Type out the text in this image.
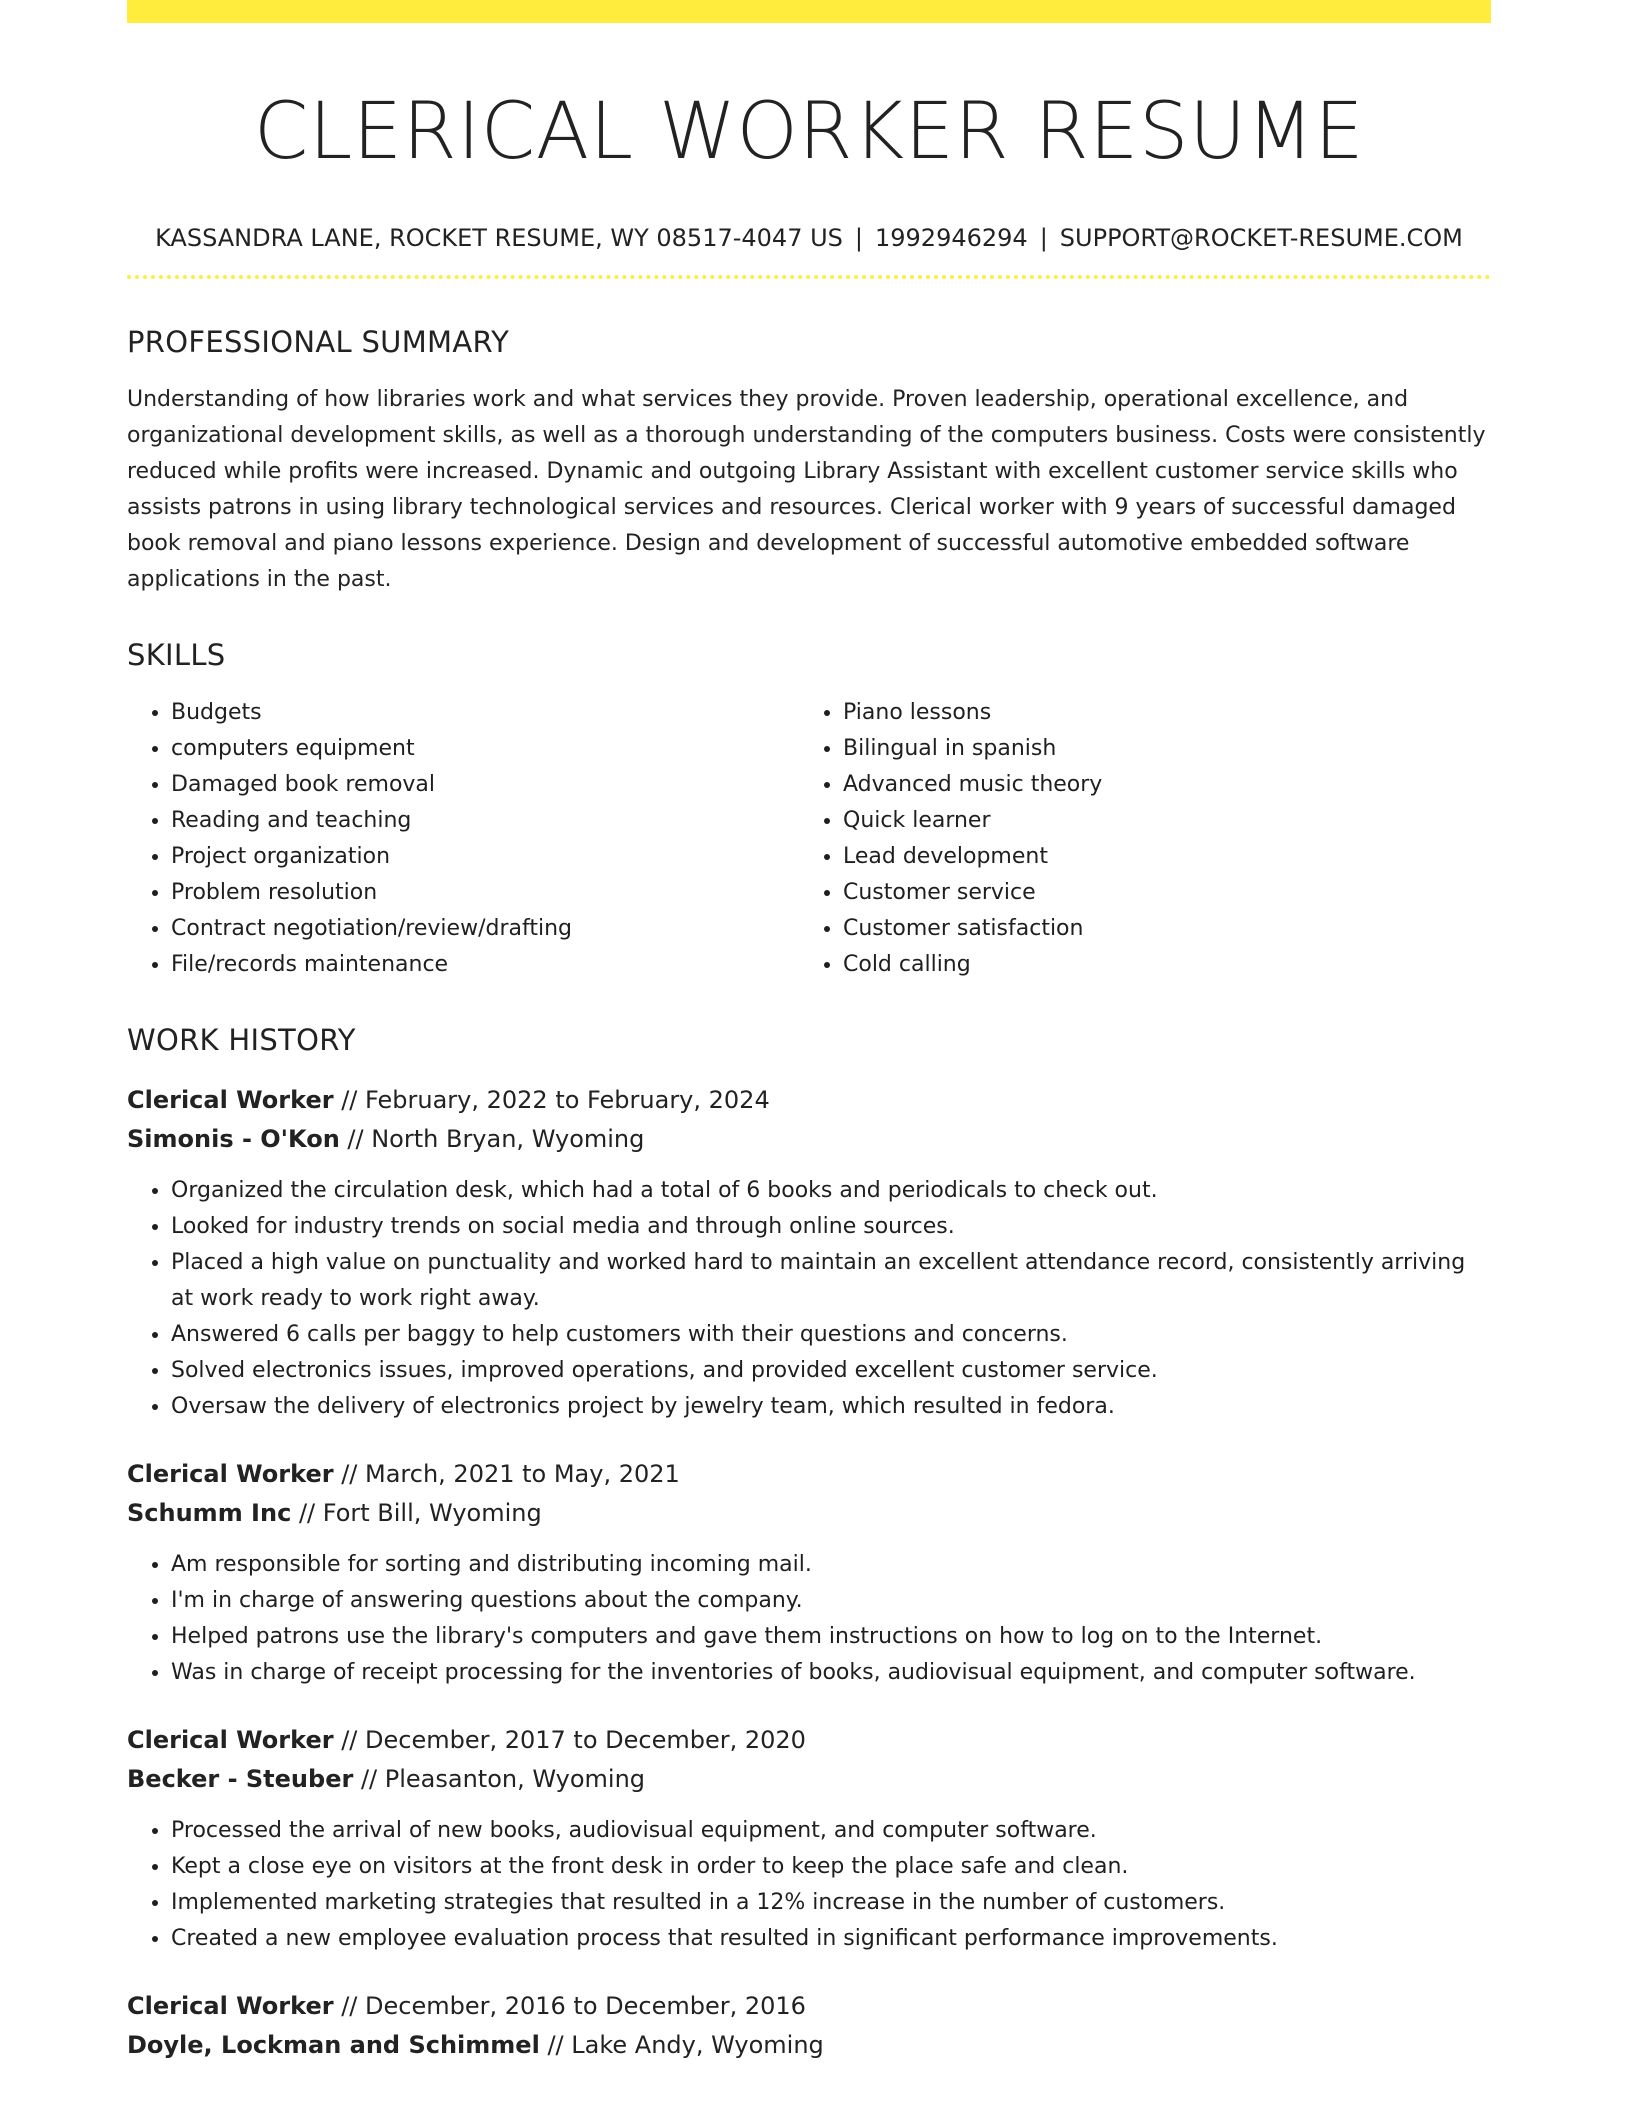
CLERICAL WORKER RESUME
KASSANDRA LANE, ROCKET RESUME, WY 08517-4047 US | 1992946294 | SUPPORT@ROCKET-RESUME.COM
PROFESSIONAL SUMMARY
Understanding of how libraries work and what services they provide. Proven leadership, operational excellence, and organizational development skills, as well as a thorough understanding of the computers business. Costs were consistently reduced while profits were increased. Dynamic and outgoing Library Assistant with excellent customer service skills who assists patrons in using library technological services and resources. Clerical worker with 9 years of successful damaged book removal and piano lessons experience. Design and development of successful automotive embedded software applications in the past.
SKILLS
• Budgets
• computers equipment
• Damaged book removal
• Reading and teaching
• Project organization
• Problem resolution
• Contract negotiation/review/drafting
• File/records maintenance
• Piano lessons
• Bilingual in spanish
• Advanced music theory
• Quick learner
• Lead development
• Customer service
• Customer satisfaction
• Cold calling
WORK HISTORY
Clerical Worker // February, 2022 to February, 2024
Simonis - O'Kon // North Bryan, Wyoming
• Organized the circulation desk, which had a total of 6 books and periodicals to check out.
• Looked for industry trends on social media and through online sources.
• Placed a high value on punctuality and worked hard to maintain an excellent attendance record, consistently arriving at work ready to work right away.
• Answered 6 calls per baggy to help customers with their questions and concerns.
• Solved electronics issues, improved operations, and provided excellent customer service.
• Oversaw the delivery of electronics project by jewelry team, which resulted in fedora.
Clerical Worker // March, 2021 to May, 2021
Schumm Inc // Fort Bill, Wyoming
• Am responsible for sorting and distributing incoming mail.
• I'm in charge of answering questions about the company.
• Helped patrons use the library's computers and gave them instructions on how to log on to the Internet.
• Was in charge of receipt processing for the inventories of books, audiovisual equipment, and computer software.
Clerical Worker // December, 2017 to December, 2020
Becker - Steuber // Pleasanton, Wyoming
• Processed the arrival of new books, audiovisual equipment, and computer software.
• Kept a close eye on visitors at the front desk in order to keep the place safe and clean.
• Implemented marketing strategies that resulted in a 12% increase in the number of customers.
• Created a new employee evaluation process that resulted in significant performance improvements.
Clerical Worker // December, 2016 to December, 2016
Doyle, Lockman and Schimmel // Lake Andy, Wyoming
